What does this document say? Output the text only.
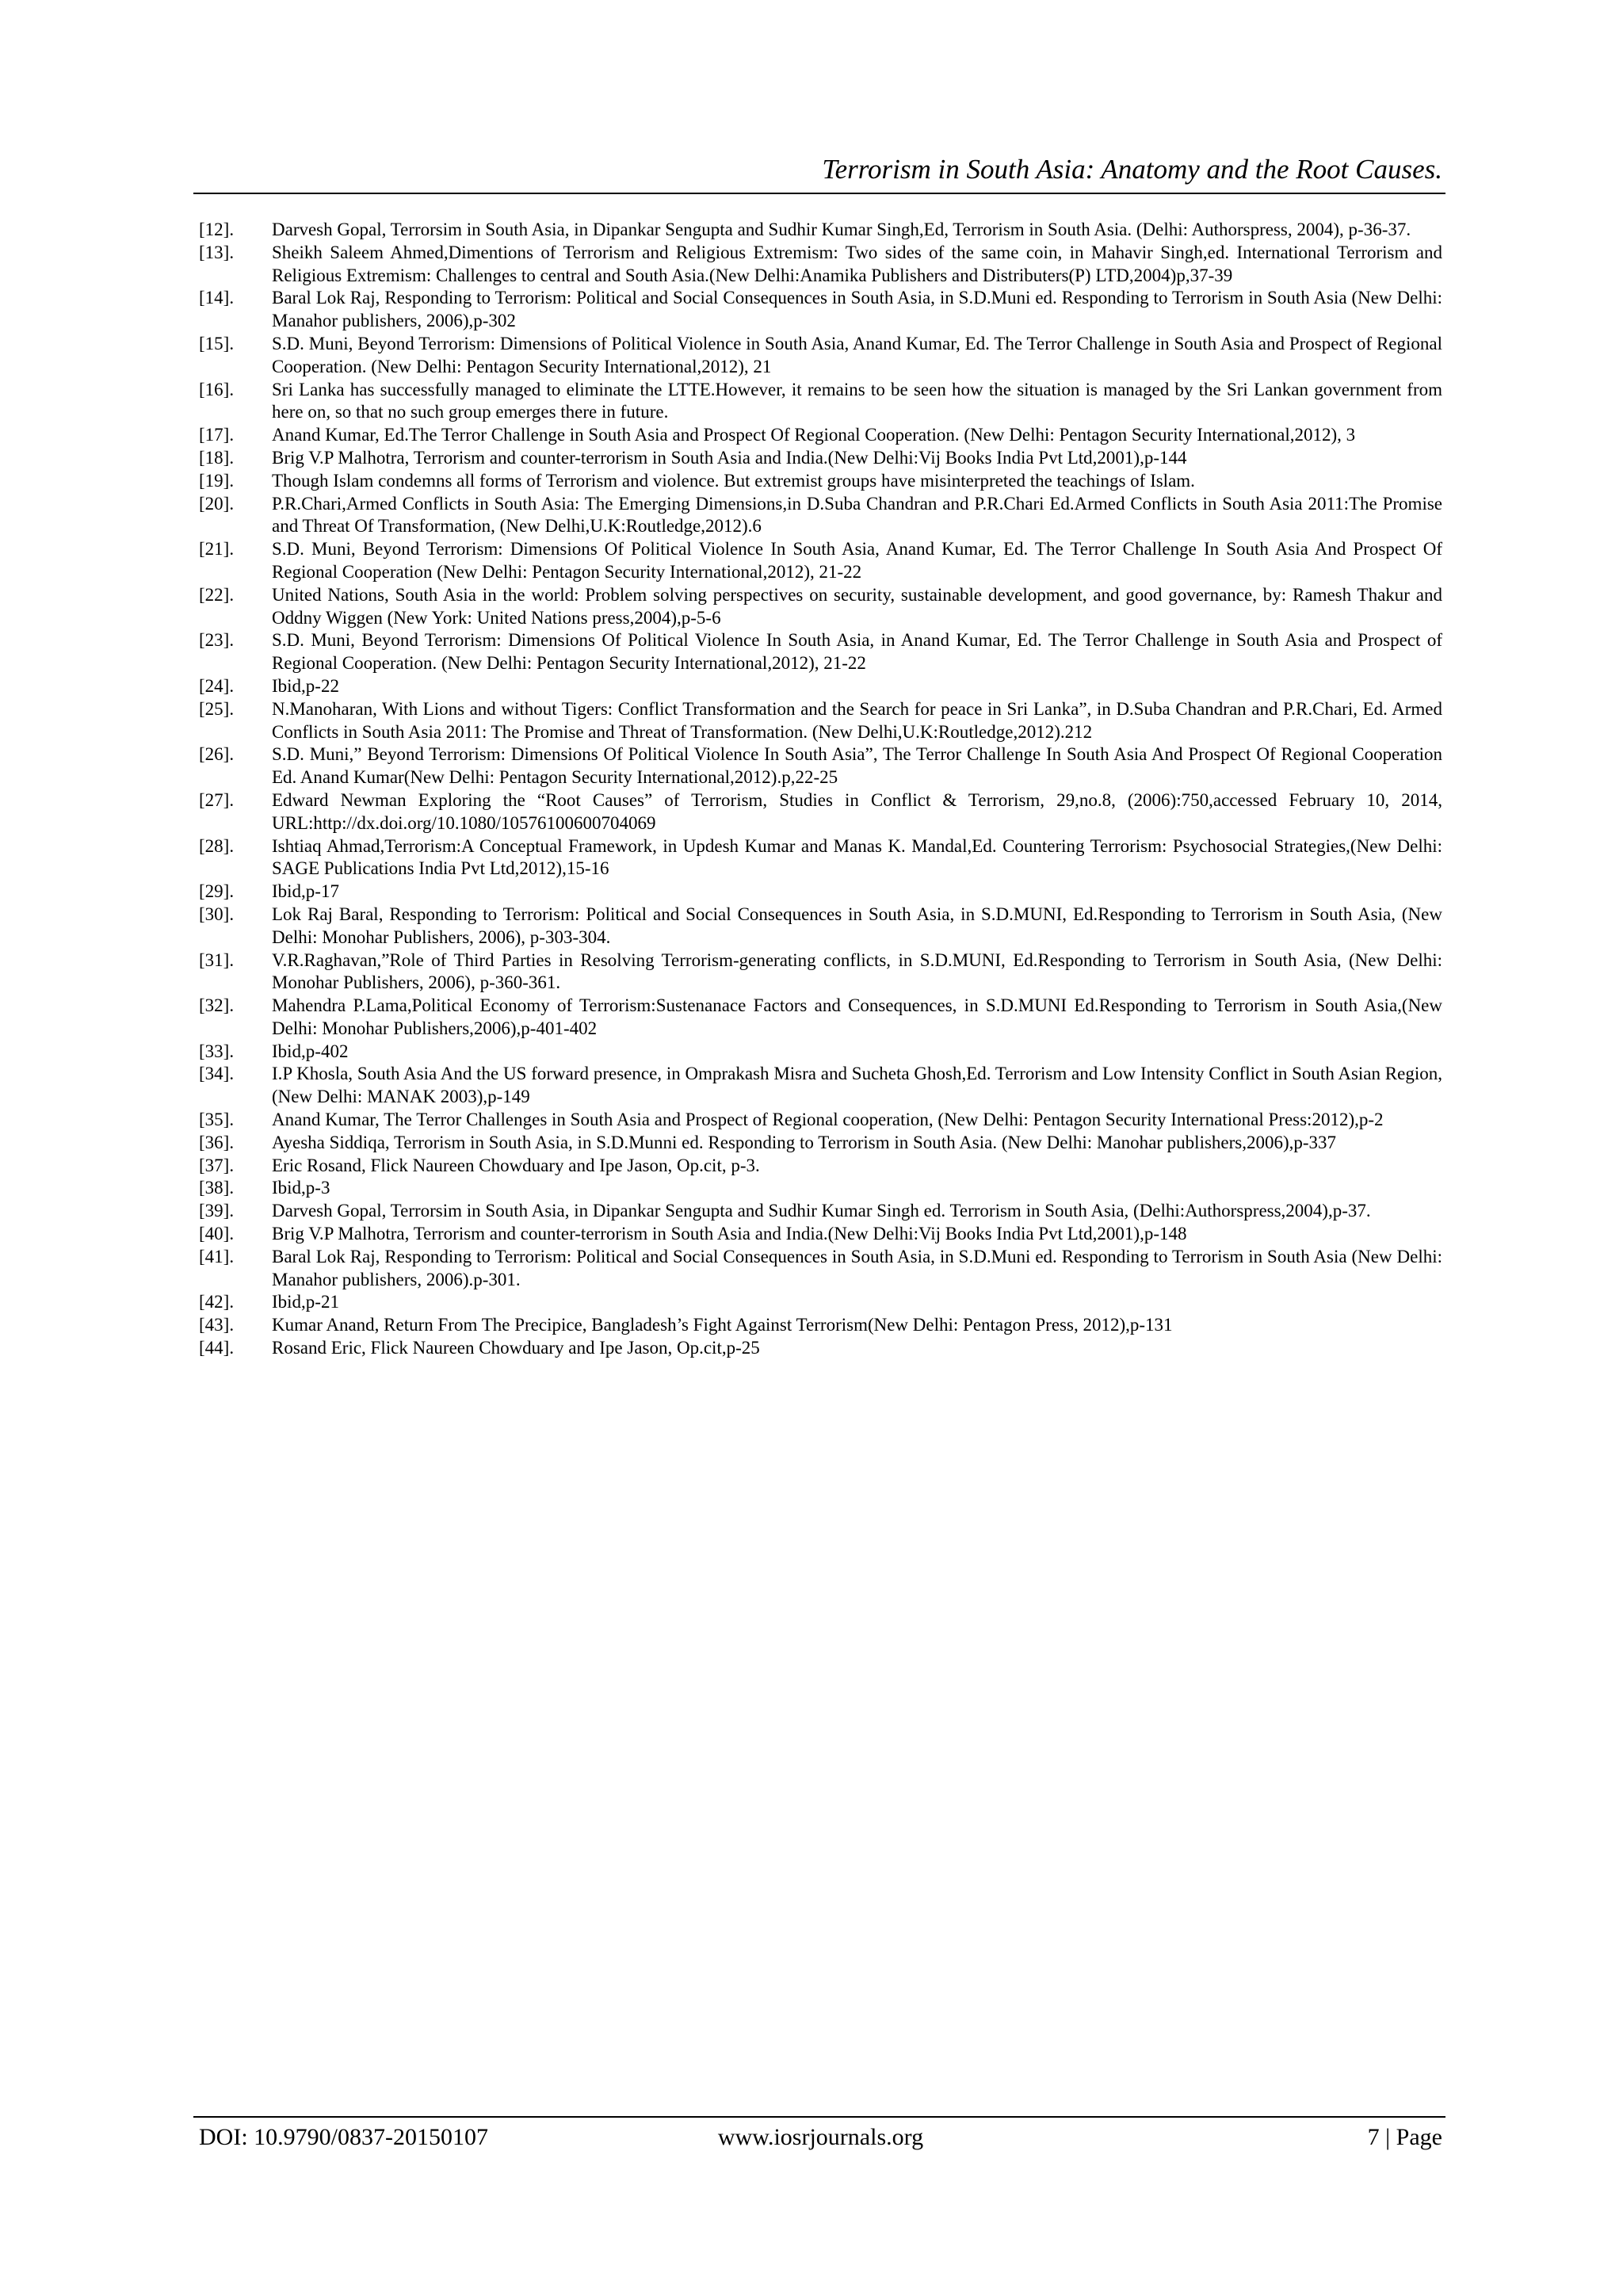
Terrorism in South Asia: Anatomy and the Root Causes.
[12].	Darvesh Gopal, Terrorsim in South Asia, in Dipankar Sengupta and Sudhir Kumar Singh,Ed, Terrorism in South Asia. (Delhi: Authorspress, 2004), p-36-37.
[13].	Sheikh Saleem Ahmed,Dimentions of Terrorism and Religious Extremism: Two sides of the same coin, in Mahavir Singh,ed. International Terrorism and Religious Extremism: Challenges to central and South Asia.(New Delhi:Anamika Publishers and Distributers(P) LTD,2004)p,37-39
[14].	Baral Lok Raj, Responding to Terrorism: Political and Social Consequences in South Asia, in S.D.Muni ed. Responding to Terrorism in South Asia (New Delhi: Manahor publishers, 2006),p-302
[15].	S.D. Muni, Beyond Terrorism: Dimensions of Political Violence in South Asia, Anand Kumar, Ed. The Terror Challenge in South Asia and Prospect of Regional Cooperation. (New Delhi: Pentagon Security International,2012), 21
[16].	Sri Lanka has successfully managed to eliminate the LTTE.However, it remains to be seen how the situation is managed by the Sri Lankan government from here on, so that no such group emerges there in future.
[17].	Anand Kumar, Ed.The Terror Challenge in South Asia and Prospect Of Regional Cooperation. (New Delhi: Pentagon Security International,2012), 3
[18].	Brig V.P Malhotra, Terrorism and counter-terrorism in South Asia and India.(New Delhi:Vij Books India Pvt Ltd,2001),p-144
[19].	Though Islam condemns all forms of Terrorism and violence. But extremist groups have misinterpreted the teachings of Islam.
[20].	P.R.Chari,Armed Conflicts in South Asia: The Emerging Dimensions,in D.Suba Chandran and P.R.Chari Ed.Armed Conflicts in South Asia 2011:The Promise and Threat Of Transformation, (New Delhi,U.K:Routledge,2012).6
[21].	S.D. Muni, Beyond Terrorism: Dimensions Of Political Violence In South Asia, Anand Kumar, Ed. The Terror Challenge In South Asia And Prospect Of Regional Cooperation (New Delhi: Pentagon Security International,2012), 21-22
[22].	United Nations, South Asia in the world: Problem solving perspectives on security, sustainable development, and good governance, by: Ramesh Thakur and Oddny Wiggen (New York: United Nations press,2004),p-5-6
[23].	S.D. Muni, Beyond Terrorism: Dimensions Of Political Violence In South Asia, in Anand Kumar, Ed. The Terror Challenge in South Asia and Prospect of Regional Cooperation. (New Delhi: Pentagon Security International,2012), 21-22
[24].	Ibid,p-22
[25].	N.Manoharan, With Lions and without Tigers: Conflict Transformation and the Search for peace in Sri Lanka”, in D.Suba Chandran and P.R.Chari, Ed. Armed Conflicts in South Asia 2011: The Promise and Threat of Transformation. (New Delhi,U.K:Routledge,2012).212
[26].	S.D. Muni,” Beyond Terrorism: Dimensions Of Political Violence In South Asia”, The Terror Challenge In South Asia And Prospect Of Regional Cooperation Ed. Anand Kumar(New Delhi: Pentagon Security International,2012).p,22-25
[27].	Edward Newman Exploring the “Root Causes” of Terrorism, Studies in Conflict & Terrorism, 29,no.8, (2006):750,accessed February 10, 2014, URL:http://dx.doi.org/10.1080/10576100600704069
[28].	Ishtiaq Ahmad,Terrorism:A Conceptual Framework, in Updesh Kumar and Manas K. Mandal,Ed. Countering Terrorism: Psychosocial Strategies,(New Delhi: SAGE Publications India Pvt Ltd,2012),15-16
[29].	Ibid,p-17
[30].	Lok Raj Baral, Responding to Terrorism: Political and Social Consequences in South Asia, in S.D.MUNI, Ed.Responding to Terrorism in South Asia, (New Delhi: Monohar Publishers, 2006), p-303-304.
[31].	V.R.Raghavan,”Role of Third Parties in Resolving Terrorism-generating conflicts, in S.D.MUNI, Ed.Responding to Terrorism in South Asia, (New Delhi: Monohar Publishers, 2006), p-360-361.
[32].	Mahendra P.Lama,Political Economy of Terrorism:Sustenanace Factors and Consequences, in S.D.MUNI Ed.Responding to Terrorism in South Asia,(New Delhi: Monohar Publishers,2006),p-401-402
[33].	Ibid,p-402
[34].	I.P Khosla, South Asia And the US forward presence, in Omprakash Misra and Sucheta Ghosh,Ed. Terrorism and Low Intensity Conflict in South Asian Region, (New Delhi: MANAK 2003),p-149
[35].	Anand Kumar, The Terror Challenges in South Asia and Prospect of Regional cooperation, (New Delhi: Pentagon Security International Press:2012),p-2
[36].	Ayesha Siddiqa, Terrorism in South Asia, in S.D.Munni ed. Responding to Terrorism in South Asia. (New Delhi: Manohar publishers,2006),p-337
[37].	Eric Rosand, Flick Naureen Chowduary and Ipe Jason, Op.cit, p-3.
[38].	Ibid,p-3
[39].	Darvesh Gopal, Terrorsim in South Asia, in Dipankar Sengupta and Sudhir Kumar Singh ed. Terrorism in South Asia, (Delhi:Authorspress,2004),p-37.
[40].	Brig V.P Malhotra, Terrorism and counter-terrorism in South Asia and India.(New Delhi:Vij Books India Pvt Ltd,2001),p-148
[41].	Baral Lok Raj, Responding to Terrorism: Political and Social Consequences in South Asia, in S.D.Muni ed. Responding to Terrorism in South Asia (New Delhi: Manahor publishers, 2006).p-301.
[42].	Ibid,p-21
[43].	Kumar Anand, Return From The Precipice, Bangladesh’s Fight Against Terrorism(New Delhi: Pentagon Press, 2012),p-131
[44].	Rosand Eric, Flick Naureen Chowduary and Ipe Jason, Op.cit,p-25
DOI: 10.9790/0837-20150107	www.iosrjournals.org	7 | Page
